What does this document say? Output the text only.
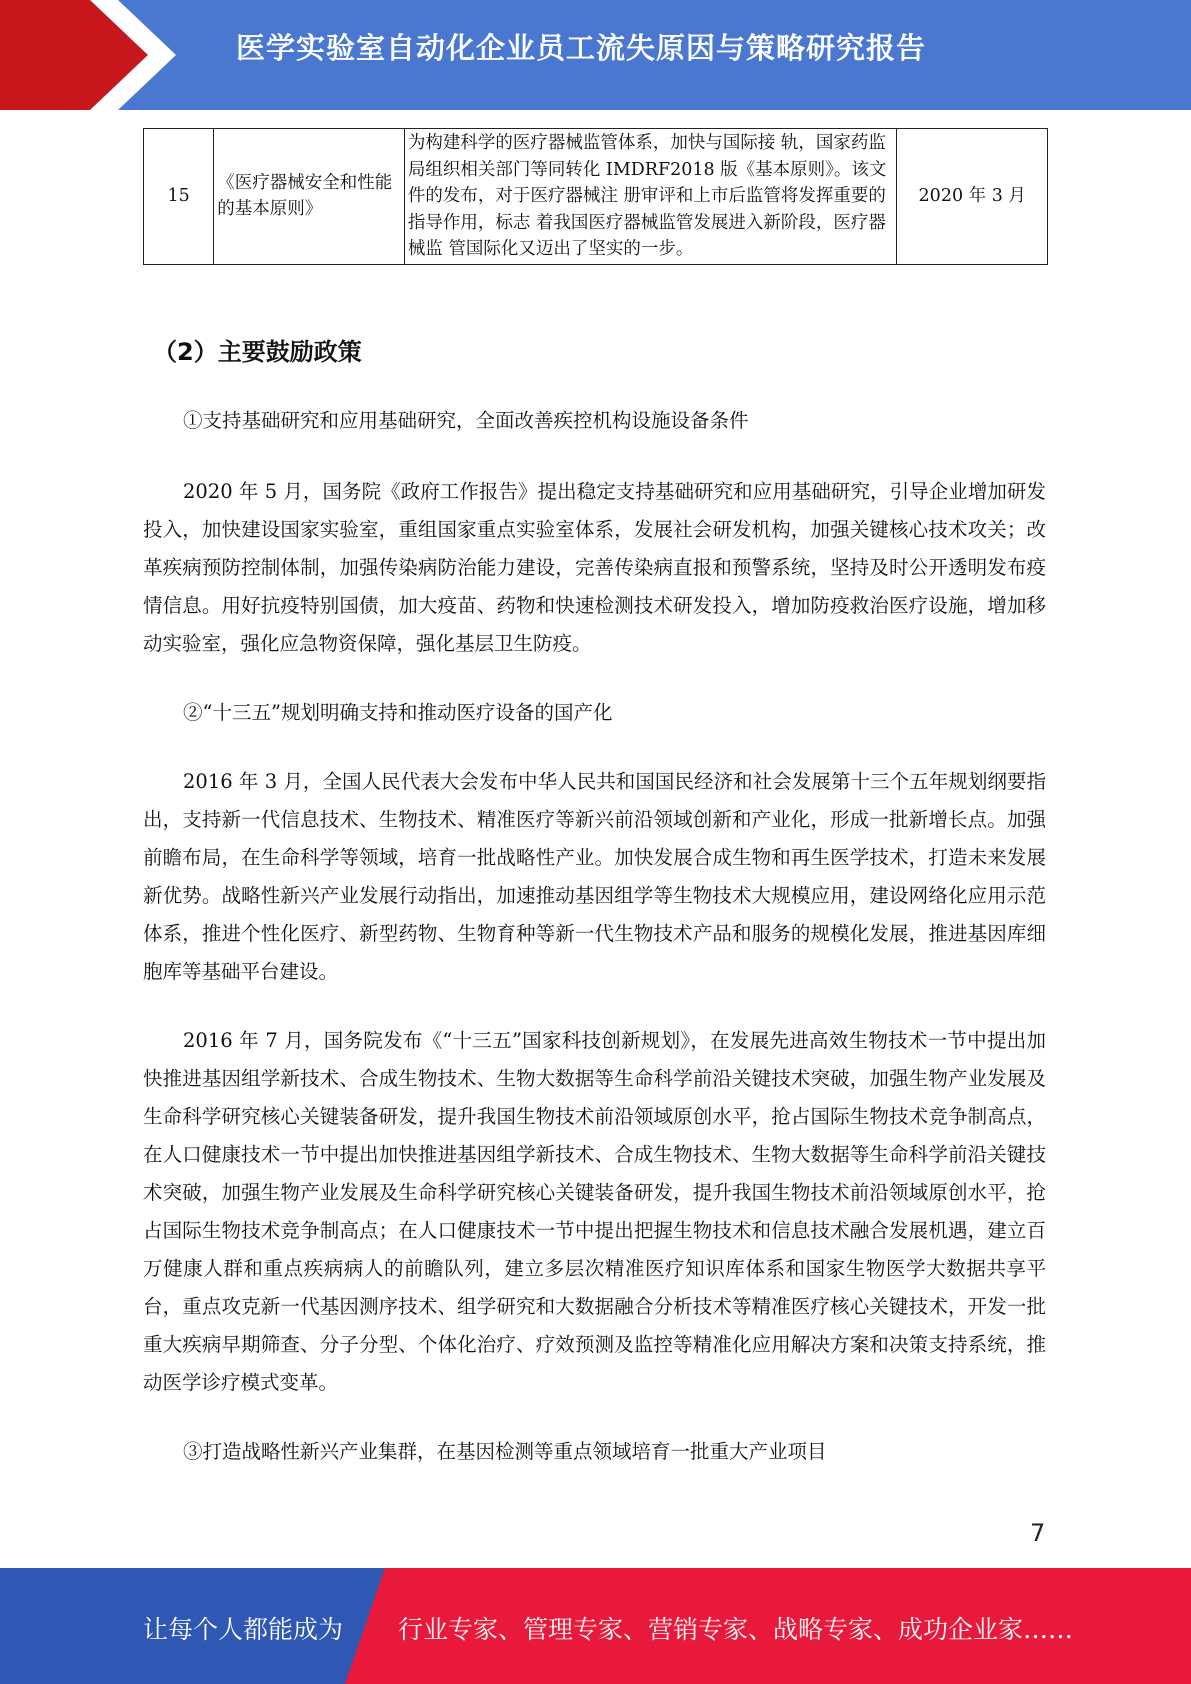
医学实验室自动化企业员工流失原因与策略研究报告
15	《医疗器械安全和性能的基本原则》	为构建科学的医疗器械监管体系，加快与国际接 轨，国家药监局组织相关部门等同转化 IMDRF2018 版《基本原则》。该文件的发布，对于医疗器械注 册审评和上市后监管将发挥重要的指导作用，标志 着我国医疗器械监管发展进入新阶段，医疗器械监 管国际化又迈出了坚实的一步。	2020 年 3 月
（2）主要鼓励政策

①支持基础研究和应用基础研究，全面改善疾控机构设施设备条件

2020 年 5 月，国务院《政府工作报告》提出稳定支持基础研究和应用基础研究，引导企业增加研发投入，加快建设国家实验室，重组国家重点实验室体系，发展社会研发机构，加强关键核心技术攻关；改革疾病预防控制体制，加强传染病防治能力建设，完善传染病直报和预警系统，坚持及时公开透明发布疫情信息。用好抗疫特别国债，加大疫苗、药物和快速检测技术研发投入，增加防疫救治医疗设施，增加移动实验室，强化应急物资保障，强化基层卫生防疫。

②“十三五”规划明确支持和推动医疗设备的国产化

2016 年 3 月，全国人民代表大会发布中华人民共和国国民经济和社会发展第十三个五年规划纲要指出，支持新一代信息技术、生物技术、精准医疗等新兴前沿领域创新和产业化，形成一批新增长点。加强前瞻布局，在生命科学等领域，培育一批战略性产业。加快发展合成生物和再生医学技术，打造未来发展新优势。战略性新兴产业发展行动指出，加速推动基因组学等生物技术大规模应用，建设网络化应用示范体系，推进个性化医疗、新型药物、生物育种等新一代生物技术产品和服务的规模化发展，推进基因库细胞库等基础平台建设。

2016 年 7 月，国务院发布《“十三五”国家科技创新规划》，在发展先进高效生物技术一节中提出加快推进基因组学新技术、合成生物技术、生物大数据等生命科学前沿关键技术突破，加强生物产业发展及生命科学研究核心关键装备研发，提升我国生物技术前沿领域原创水平，抢占国际生物技术竞争制高点，在人口健康技术一节中提出加快推进基因组学新技术、合成生物技术、生物大数据等生命科学前沿关键技术突破，加强生物产业发展及生命科学研究核心关键装备研发，提升我国生物技术前沿领域原创水平，抢占国际生物技术竞争制高点；在人口健康技术一节中提出把握生物技术和信息技术融合发展机遇，建立百万健康人群和重点疾病病人的前瞻队列，建立多层次精准医疗知识库体系和国家生物医学大数据共享平台，重点攻克新一代基因测序技术、组学研究和大数据融合分析技术等精准医疗核心关键技术，开发一批重大疾病早期筛查、分子分型、个体化治疗、疗效预测及监控等精准化应用解决方案和决策支持系统，推动医学诊疗模式变革。

③打造战略性新兴产业集群，在基因检测等重点领域培育一批重大产业项目

7
让每个人都能成为 行业专家、管理专家、营销专家、战略专家、成功企业家……
